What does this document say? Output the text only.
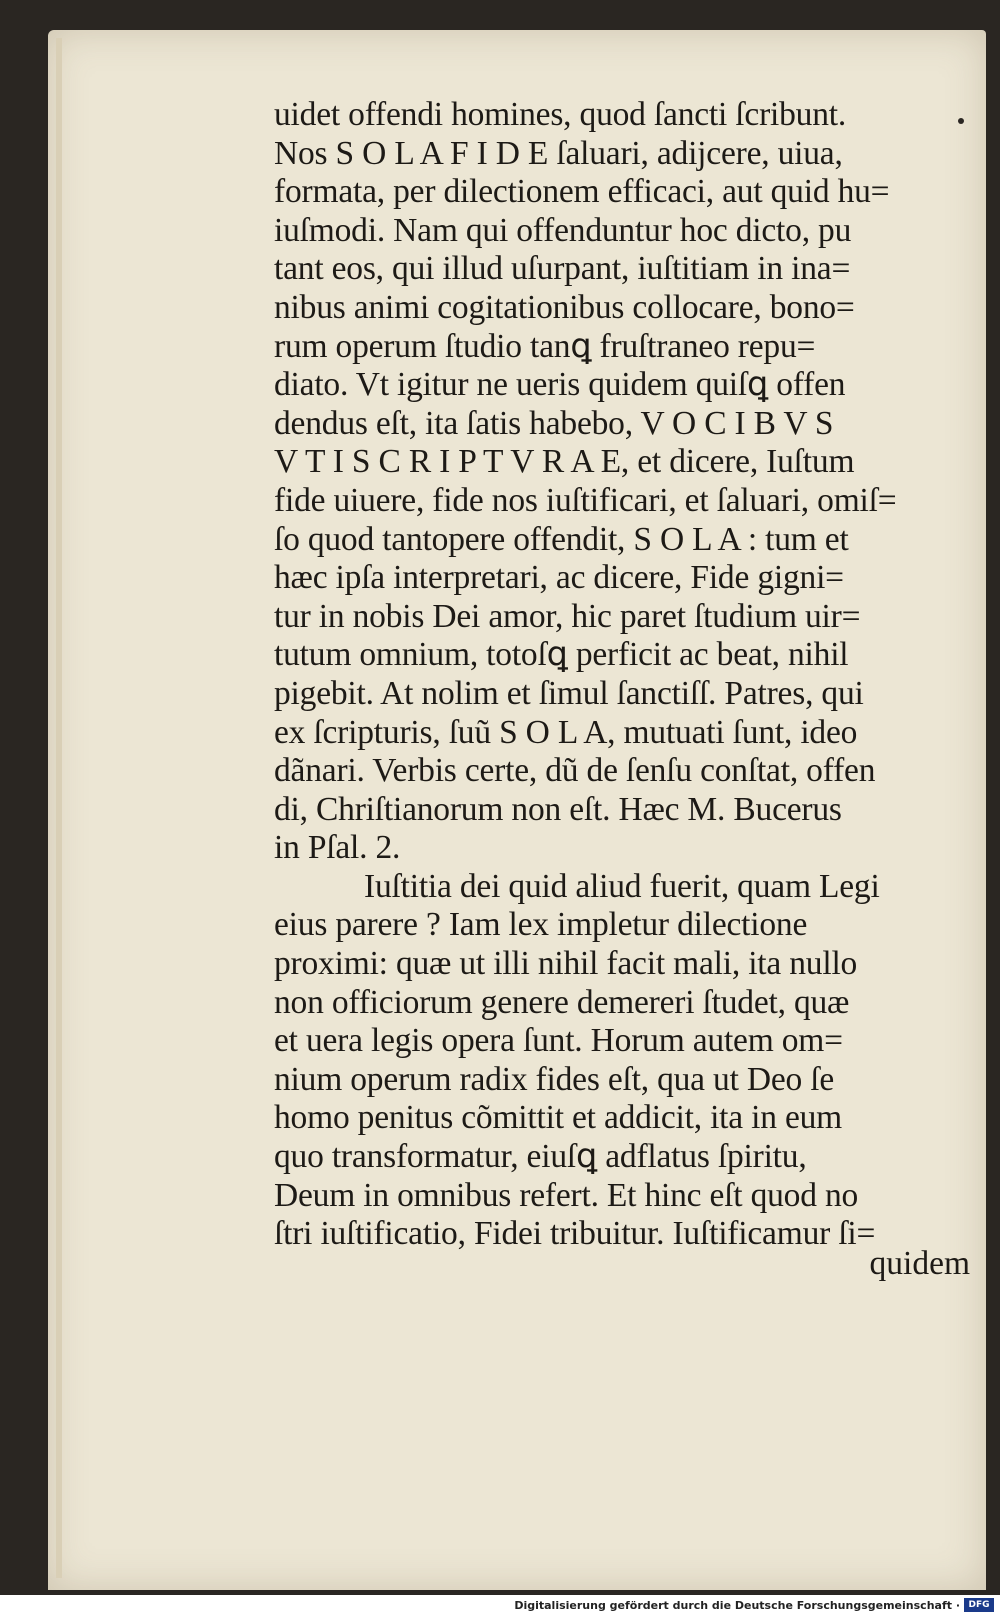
uidet offendi homines, quod ſancti ſcribunt.
Nos S O L A F I D E ſaluari, adijcere, uiua,
formata, per dilectionem efficaci, aut quid hu=
iuſmodi. Nam qui offenduntur hoc dicto, pu
tant eos, qui illud uſurpant, iuſtitiam in ina=
nibus animi cogitationibus collocare, bono=
rum operum ſtudio tanꝗ fruſtraneo repu=
diato. Vt igitur ne ueris quidem quiſꝗ offen
dendus eſt, ita ſatis habebo, V O C I B V S
V T I S C R I P T V R A E, et dicere, Iuſtum
fide uiuere, fide nos iuſtificari, et ſaluari, omiſ=
ſo quod tantopere offendit, S O L A : tum et
hæc ipſa interpretari, ac dicere, Fide gigni=
tur in nobis Dei amor, hic paret ſtudium uir=
tutum omnium, totoſꝗ perficit ac beat, nihil
pigebit. At nolim et ſimul ſanctiſſ. Patres, qui
ex ſcripturis, ſuũ S O L A, mutuati ſunt, ideo
dãnari. Verbis certe, dũ de ſenſu conſtat, offen
di, Chriſtianorum non eſt. Hæc M. Bucerus
in Pſal. 2.
Iuſtitia dei quid aliud fuerit, quam Legi
eius parere ? Iam lex impletur dilectione
proximi: quæ ut illi nihil facit mali, ita nullo
non officiorum genere demereri ſtudet, quæ
et uera legis opera ſunt. Horum autem om=
nium operum radix fides eſt, qua ut Deo ſe
homo penitus cõmittit et addicit, ita in eum
quo transformatur, eiuſꝗ adflatus ſpiritu,
Deum in omnibus refert. Et hinc eſt quod no
ſtri iuſtificatio, Fidei tribuitur. Iuſtificamur ſi=
quidem
Digitalisierung gefördert durch die Deutsche Forschungsgemeinschaft · DFG
